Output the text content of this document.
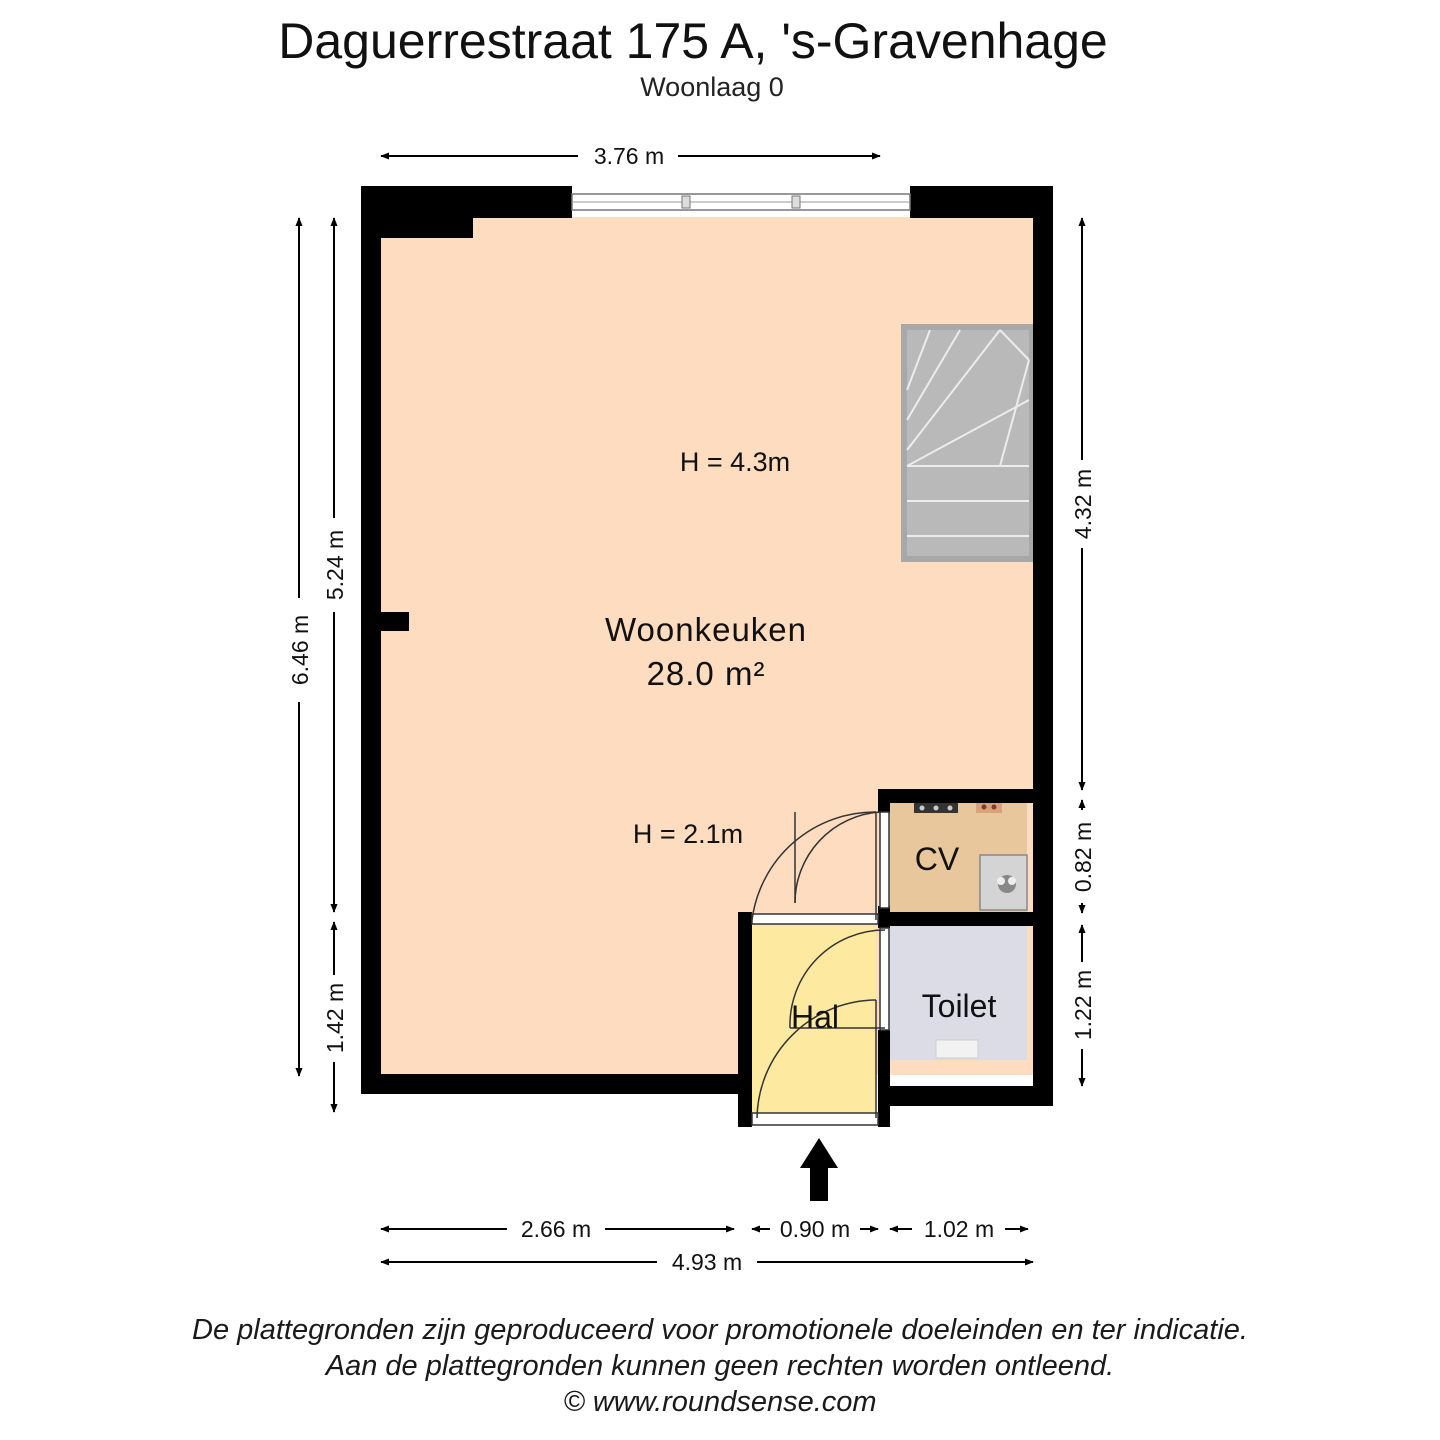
Daguerrestraat 175 A, 's-Gravenhage
Woonlaag 0
H = 4.3m
Woonkeuken
28.0 m²
H = 2.1m
CV
Toilet
Hal
3.76 m
6.46 m
5.24 m
1.42 m
4.32 m
0.82 m
1.22 m
2.66 m	0.90 m	1.02 m
4.93 m
De plattegronden zijn geproduceerd voor promotionele doeleinden en ter indicatie.
Aan de plattegronden kunnen geen rechten worden ontleend.
© www.roundsense.com
